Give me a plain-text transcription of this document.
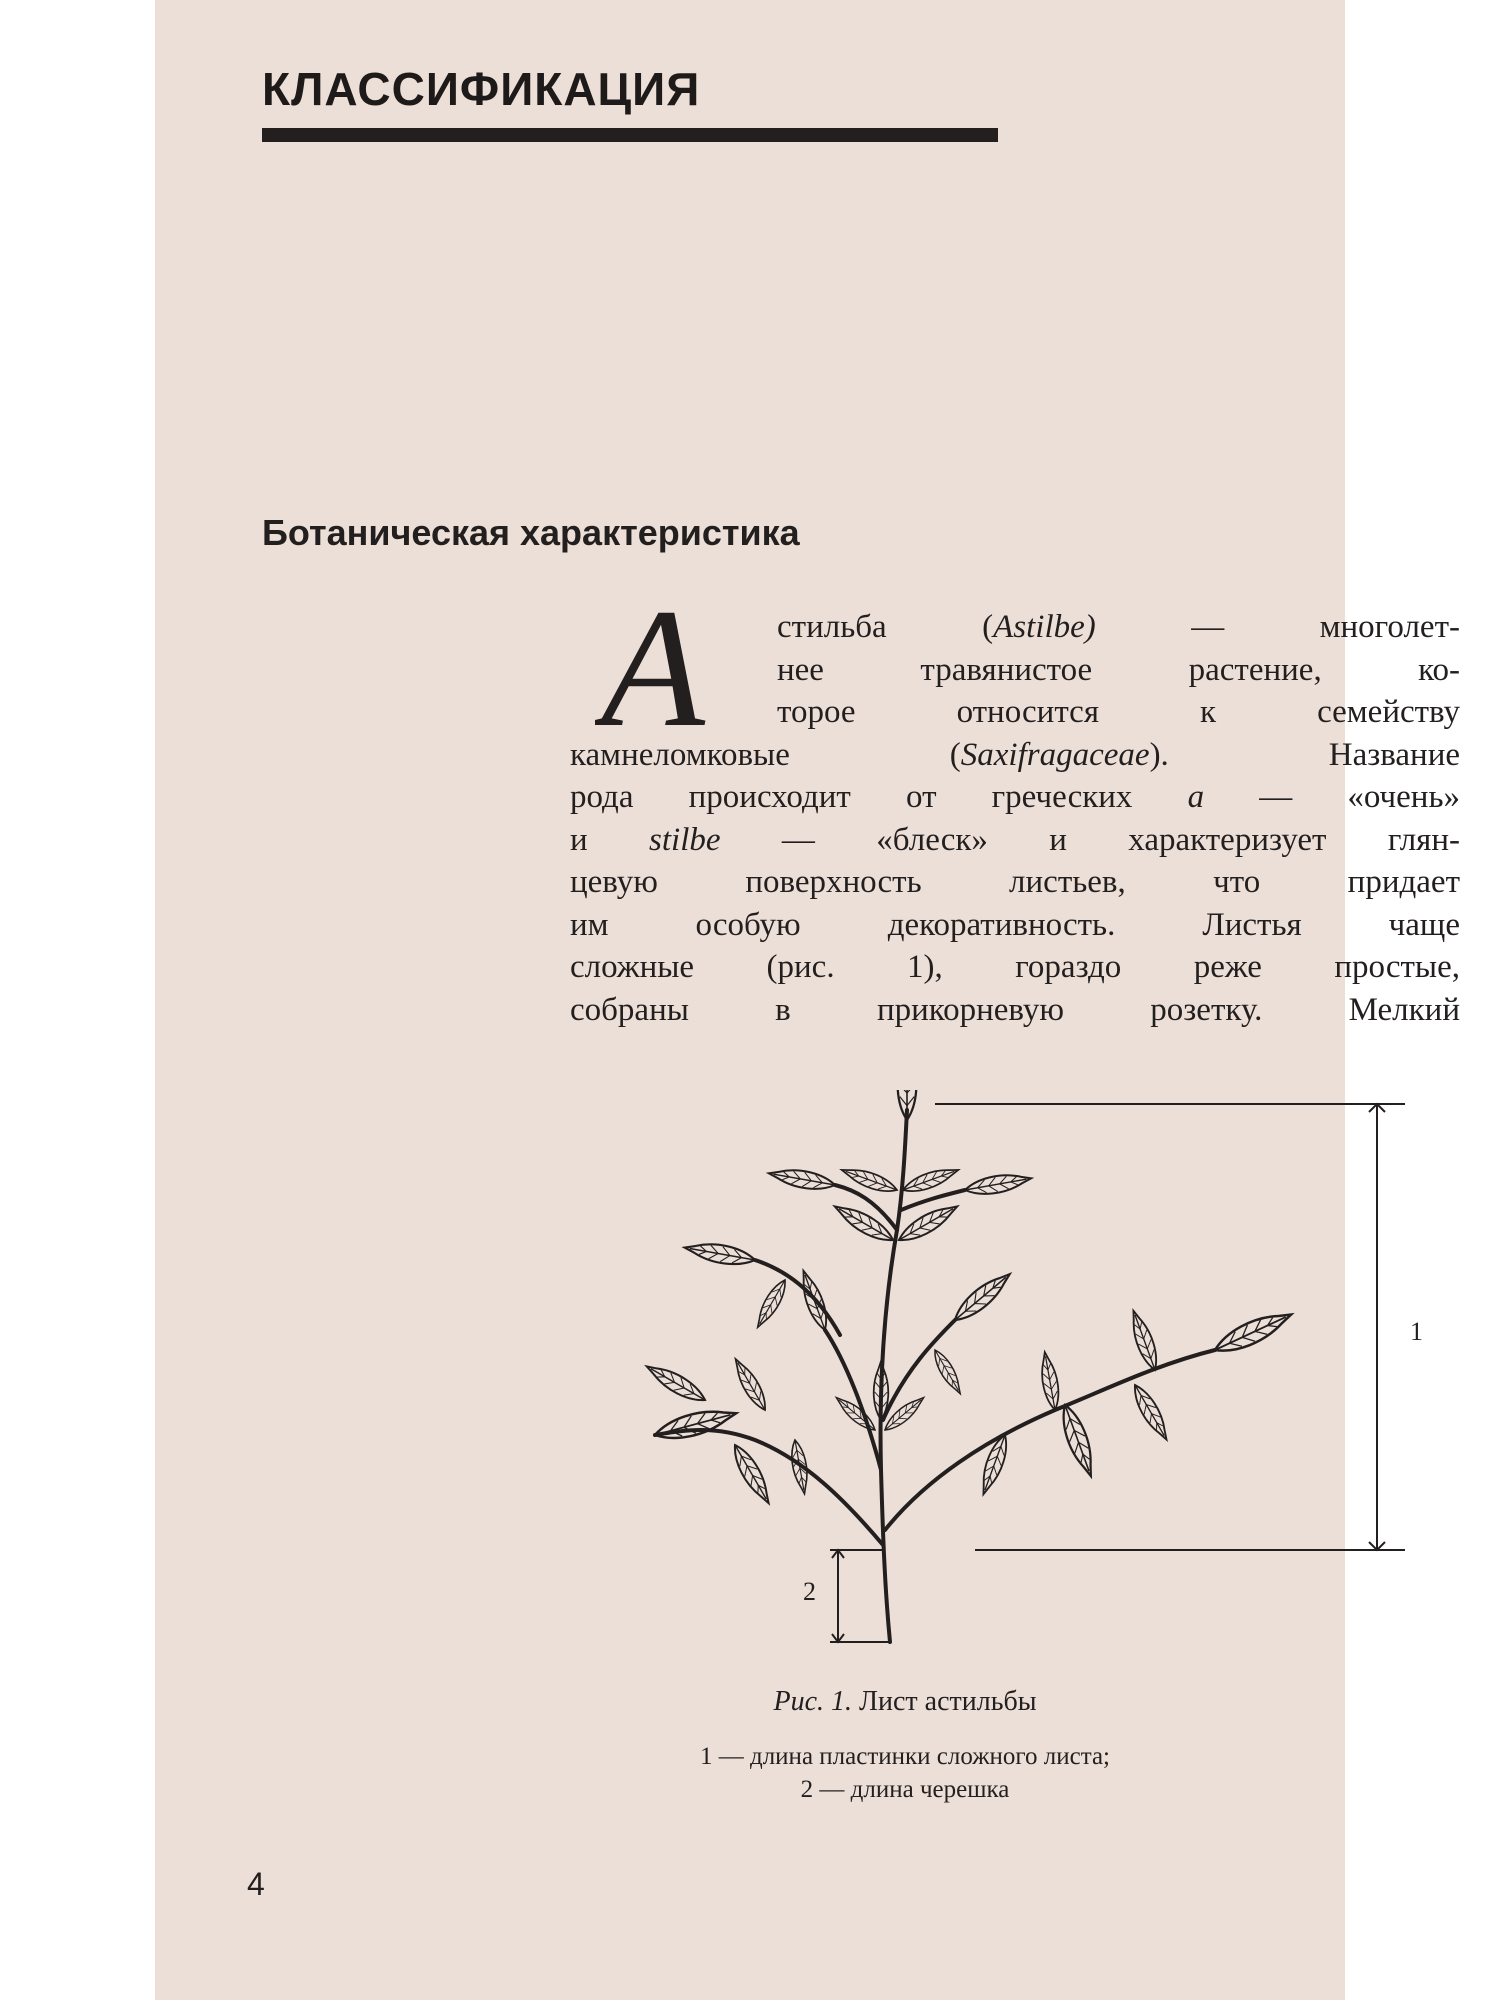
КЛАССИФИКАЦИЯ
Ботаническая характеристика
А	стильба (Astilbe)	— многолет-
нее травянистое растение, ко-
торое относится к семейству
камнеломковые (Saxifragaceae). Название
рода происходит от греческих а — «очень»
и stilbe — «блеск» и характеризует глян-
цевую поверхность листьев, что придает
им особую декоративность. Листья чаще
сложные (рис. 1), гораздо реже простые,
собраны в прикорневую розетку. Мелкий
1
2
Рис. 1. Лист астильбы
1 — длина пластинки сложного листа;
2 — длина черешка
4
